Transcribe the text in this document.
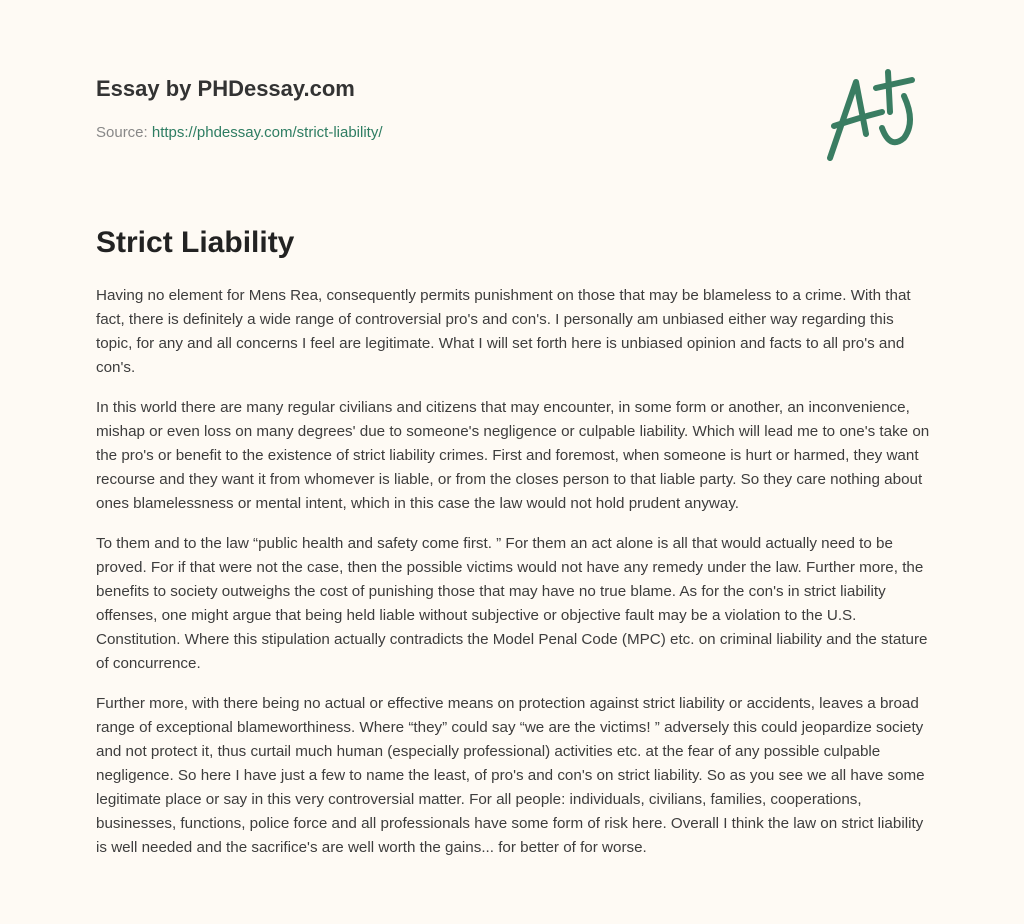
Essay by PHDessay.com
Source: https://phdessay.com/strict-liability/
Strict Liability

Having no element for Mens Rea, consequently permits punishment on those that may be blameless to a crime. With that fact, there is definitely a wide range of controversial pro's and con's. I personally am unbiased either way regarding this topic, for any and all concerns I feel are legitimate. What I will set forth here is unbiased opinion and facts to all pro's and con's.

In this world there are many regular civilians and citizens that may encounter, in some form or another, an inconvenience, mishap or even loss on many degrees' due to someone's negligence or culpable liability. Which will lead me to one's take on the pro's or benefit to the existence of strict liability crimes. First and foremost, when someone is hurt or harmed, they want recourse and they want it from whomever is liable, or from the closes person to that liable party. So they care nothing about ones blamelessness or mental intent, which in this case the law would not hold prudent anyway.

To them and to the law “public health and safety come first. ” For them an act alone is all that would actually need to be proved. For if that were not the case, then the possible victims would not have any remedy under the law. Further more, the benefits to society outweighs the cost of punishing those that may have no true blame. As for the con's in strict liability offenses, one might argue that being held liable without subjective or objective fault may be a violation to the U.S. Constitution. Where this stipulation actually contradicts the Model Penal Code (MPC) etc. on criminal liability and the stature of concurrence.

Further more, with there being no actual or effective means on protection against strict liability or accidents, leaves a broad range of exceptional blameworthiness. Where “they” could say “we are the victims! ” adversely this could jeopardize society and not protect it, thus curtail much human (especially professional) activities etc. at the fear of any possible culpable negligence. So here I have just a few to name the least, of pro's and con's on strict liability. So as you see we all have some legitimate place or say in this very controversial matter. For all people: individuals, civilians, families, cooperations, businesses, functions, police force and all professionals have some form of risk here. Overall I think the law on strict liability is well needed and the sacrifice's are well worth the gains... for better of for worse.
